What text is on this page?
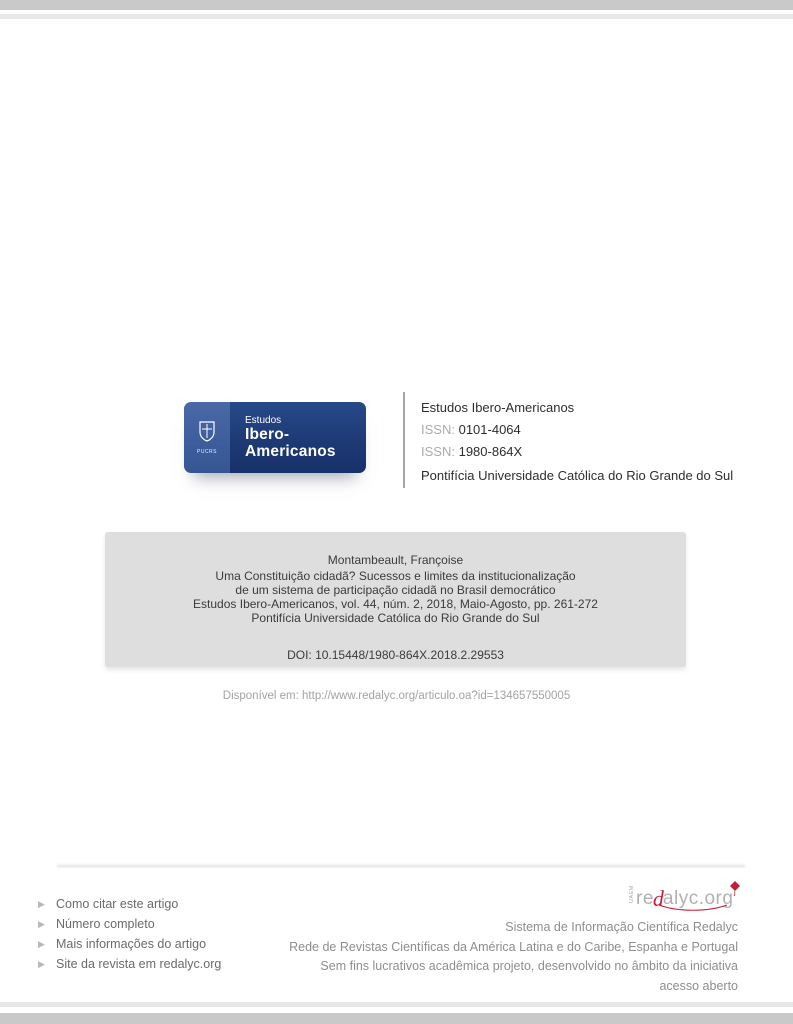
PUCRS
Estudos
Ibero-Americanos
Estudos Ibero-Americanos
ISSN: 0101-4064
ISSN: 1980-864X
Pontifícia Universidade Católica do Rio Grande do Sul
Montambeault, Françoise
Uma Constituição cidadã? Sucessos e limites da institucionalização
de um sistema de participação cidadã no Brasil democrático
Estudos Ibero-Americanos, vol. 44, núm. 2, 2018, Maio-Agosto, pp. 261-272
Pontifícia Universidade Católica do Rio Grande do Sul
DOI: 10.15448/1980-864X.2018.2.29553
Disponível em: http://www.redalyc.org/articulo.oa?id=134657550005
▶ Como citar este artigo
▶ Número completo
▶ Mais informações do artigo
▶ Site da revista em redalyc.org
UAEM re d alyc. org
Sistema de Informação Científica Redalyc
Rede de Revistas Científicas da América Latina e do Caribe, Espanha e Portugal
Sem fins lucrativos acadêmica projeto, desenvolvido no âmbito da iniciativa
acesso aberto
